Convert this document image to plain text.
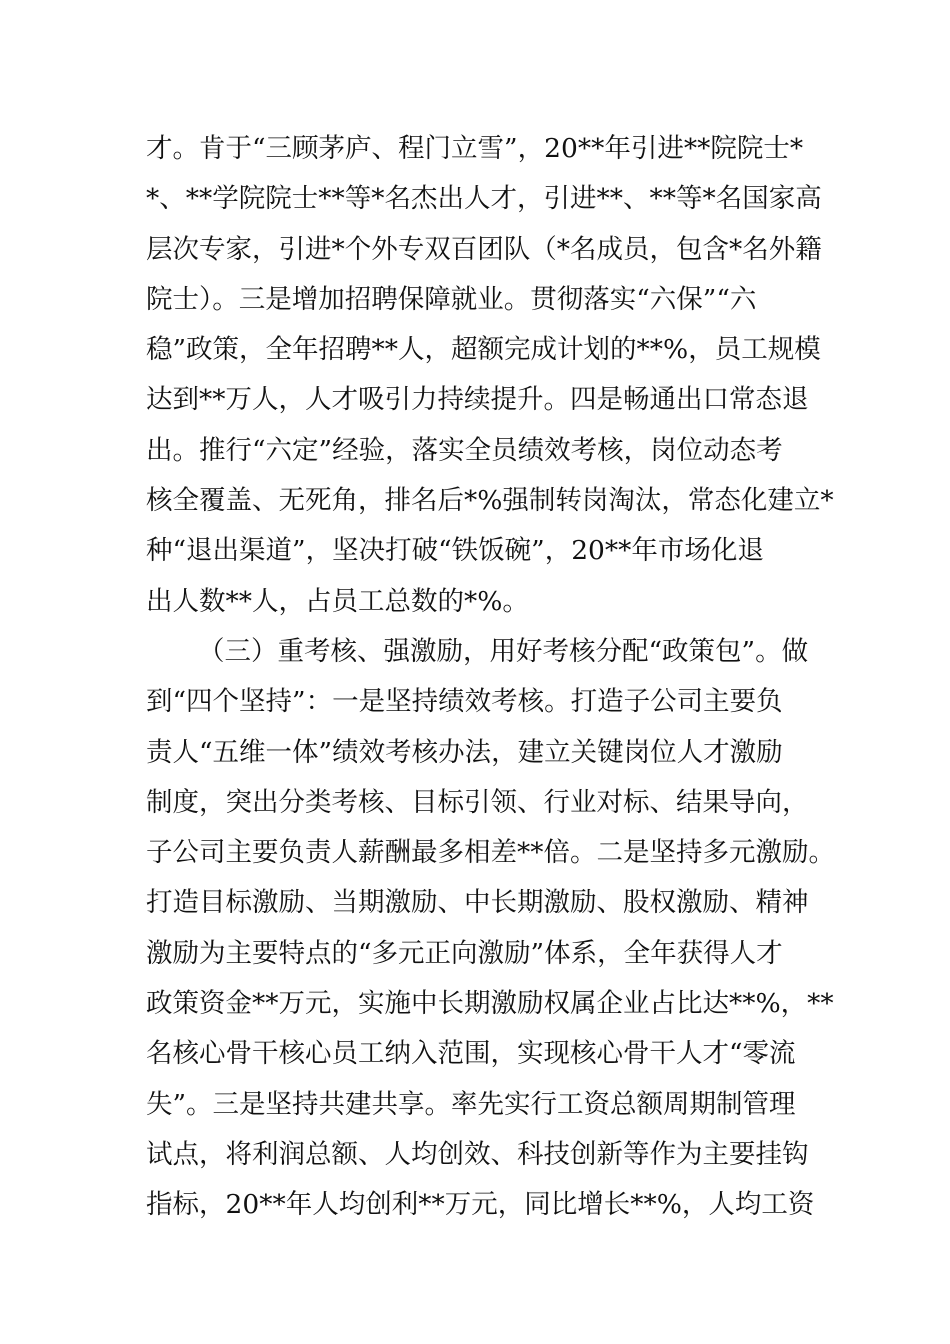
才。肯于“三顾茅庐、程门立雪”，20**年引进**院院士*
*、**学院院士**等*名杰出人才，引进**、**等*名国家高
层次专家，引进*个外专双百团队（*名成员，包含*名外籍
院士）。三是增加招聘保障就业。贯彻落实“六保”“六
稳”政策，全年招聘**人，超额完成计划的**%，员工规模
达到**万人，人才吸引力持续提升。四是畅通出口常态退
出。推行“六定”经验，落实全员绩效考核，岗位动态考
核全覆盖、无死角，排名后*%强制转岗淘汰，常态化建立*
种“退出渠道”，坚决打破“铁饭碗”，20**年市场化退
出人数**人，占员工总数的*%。
（三）重考核、强激励，用好考核分配“政策包”。做
到“四个坚持”：一是坚持绩效考核。打造子公司主要负
责人“五维一体”绩效考核办法，建立关键岗位人才激励
制度，突出分类考核、目标引领、行业对标、结果导向，
子公司主要负责人薪酬最多相差**倍。二是坚持多元激励。
打造目标激励、当期激励、中长期激励、股权激励、精神
激励为主要特点的“多元正向激励”体系，全年获得人才
政策资金**万元，实施中长期激励权属企业占比达**%，**
名核心骨干核心员工纳入范围，实现核心骨干人才“零流
失”。三是坚持共建共享。率先实行工资总额周期制管理
试点，将利润总额、人均创效、科技创新等作为主要挂钩
指标，20**年人均创利**万元，同比增长**%，人均工资
